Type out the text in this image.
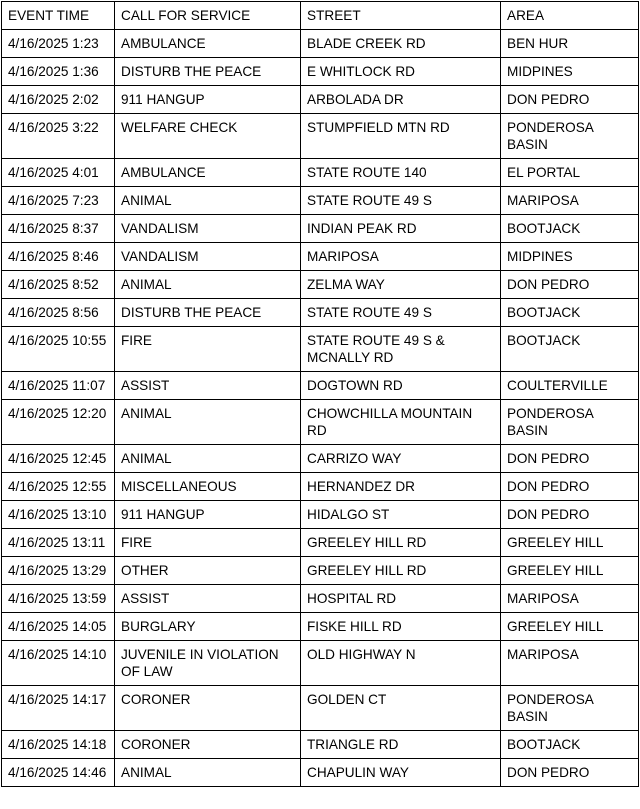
EVENT TIME	CALL FOR SERVICE	STREET	AREA
4/16/2025 1:23	AMBULANCE	BLADE CREEK RD	BEN HUR
4/16/2025 1:36	DISTURB THE PEACE	E WHITLOCK RD	MIDPINES
4/16/2025 2:02	911 HANGUP	ARBOLADA DR	DON PEDRO
4/16/2025 3:22	WELFARE CHECK	STUMPFIELD MTN RD	PONDEROSA BASIN
4/16/2025 4:01	AMBULANCE	STATE ROUTE 140	EL PORTAL
4/16/2025 7:23	ANIMAL	STATE ROUTE 49 S	MARIPOSA
4/16/2025 8:37	VANDALISM	INDIAN PEAK RD	BOOTJACK
4/16/2025 8:46	VANDALISM	MARIPOSA	MIDPINES
4/16/2025 8:52	ANIMAL	ZELMA WAY	DON PEDRO
4/16/2025 8:56	DISTURB THE PEACE	STATE ROUTE 49 S	BOOTJACK
4/16/2025 10:55	FIRE	STATE ROUTE 49 S & MCNALLY RD	BOOTJACK
4/16/2025 11:07	ASSIST	DOGTOWN RD	COULTERVILLE
4/16/2025 12:20	ANIMAL	CHOWCHILLA MOUNTAIN RD	PONDEROSA BASIN
4/16/2025 12:45	ANIMAL	CARRIZO WAY	DON PEDRO
4/16/2025 12:55	MISCELLANEOUS	HERNANDEZ DR	DON PEDRO
4/16/2025 13:10	911 HANGUP	HIDALGO ST	DON PEDRO
4/16/2025 13:11	FIRE	GREELEY HILL RD	GREELEY HILL
4/16/2025 13:29	OTHER	GREELEY HILL RD	GREELEY HILL
4/16/2025 13:59	ASSIST	HOSPITAL RD	MARIPOSA
4/16/2025 14:05	BURGLARY	FISKE HILL RD	GREELEY HILL
4/16/2025 14:10	JUVENILE IN VIOLATION OF LAW	OLD HIGHWAY N	MARIPOSA
4/16/2025 14:17	CORONER	GOLDEN CT	PONDEROSA BASIN
4/16/2025 14:18	CORONER	TRIANGLE RD	BOOTJACK
4/16/2025 14:46	ANIMAL	CHAPULIN WAY	DON PEDRO
